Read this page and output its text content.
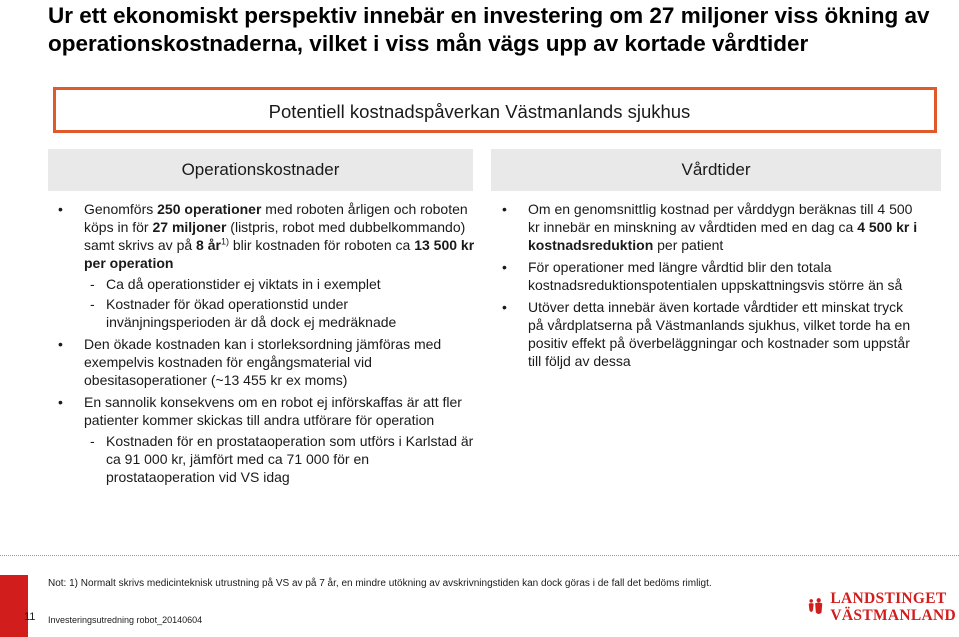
Ur ett ekonomiskt perspektiv innebär en investering om 27 miljoner viss ökning av operationskostnaderna, vilket i viss mån vägs upp av kortade vårdtider
Potentiell kostnadspåverkan Västmanlands sjukhus
Operationskostnader	Vårdtider
• Genomförs 250 operationer med roboten årligen och roboten köps in för 27 miljoner (listpris, robot med dubbelkommando) samt skrivs av på 8 $år^{1)}$ blir kostnaden för roboten ca 13 500 kr per operation
- Ca då operationstider ej viktats in i exemplet
- Kostnader för ökad operationstid under invänjningsperioden är då dock ej medräknade
• Den ökade kostnaden kan i storleksordning jämföras med exempelvis kostnaden för engångsmaterial vid obesitasoperationer (~13 455 kr ex moms)
• En sannolik konsekvens om en robot ej införskaffas är att fler patienter kommer skickas till andra utförare för operation
- Kostnaden för en prostataoperation som utförs i Karlstad är ca 91 000 kr, jämfört med ca 71 000 för en prostataoperation vid VS idag
• Om en genomsnittlig kostnad per vårddygn beräknas till 4 500 kr innebär en minskning av vårdtiden med en dag ca 4 500 kr i kostnadsreduktion per patient
• För operationer med längre vårdtid blir den totala kostnadsreduktionspotentialen uppskattningsvis större än så
• Utöver detta innebär även kortade vårdtider ett minskat tryck på vårdplatserna på Västmanlands sjukhus, vilket torde ha en positiv effekt på överbeläggningar och kostnader som uppstår till följd av dessa
Not: 1) Normalt skrivs medicinteknisk utrustning på VS av på 7 år, en mindre utökning av avskrivningstiden kan dock göras i de fall det bedöms rimligt.
11 Investeringsutredning robot_20140604
LANDSTINGET
VÄSTMANLAND
